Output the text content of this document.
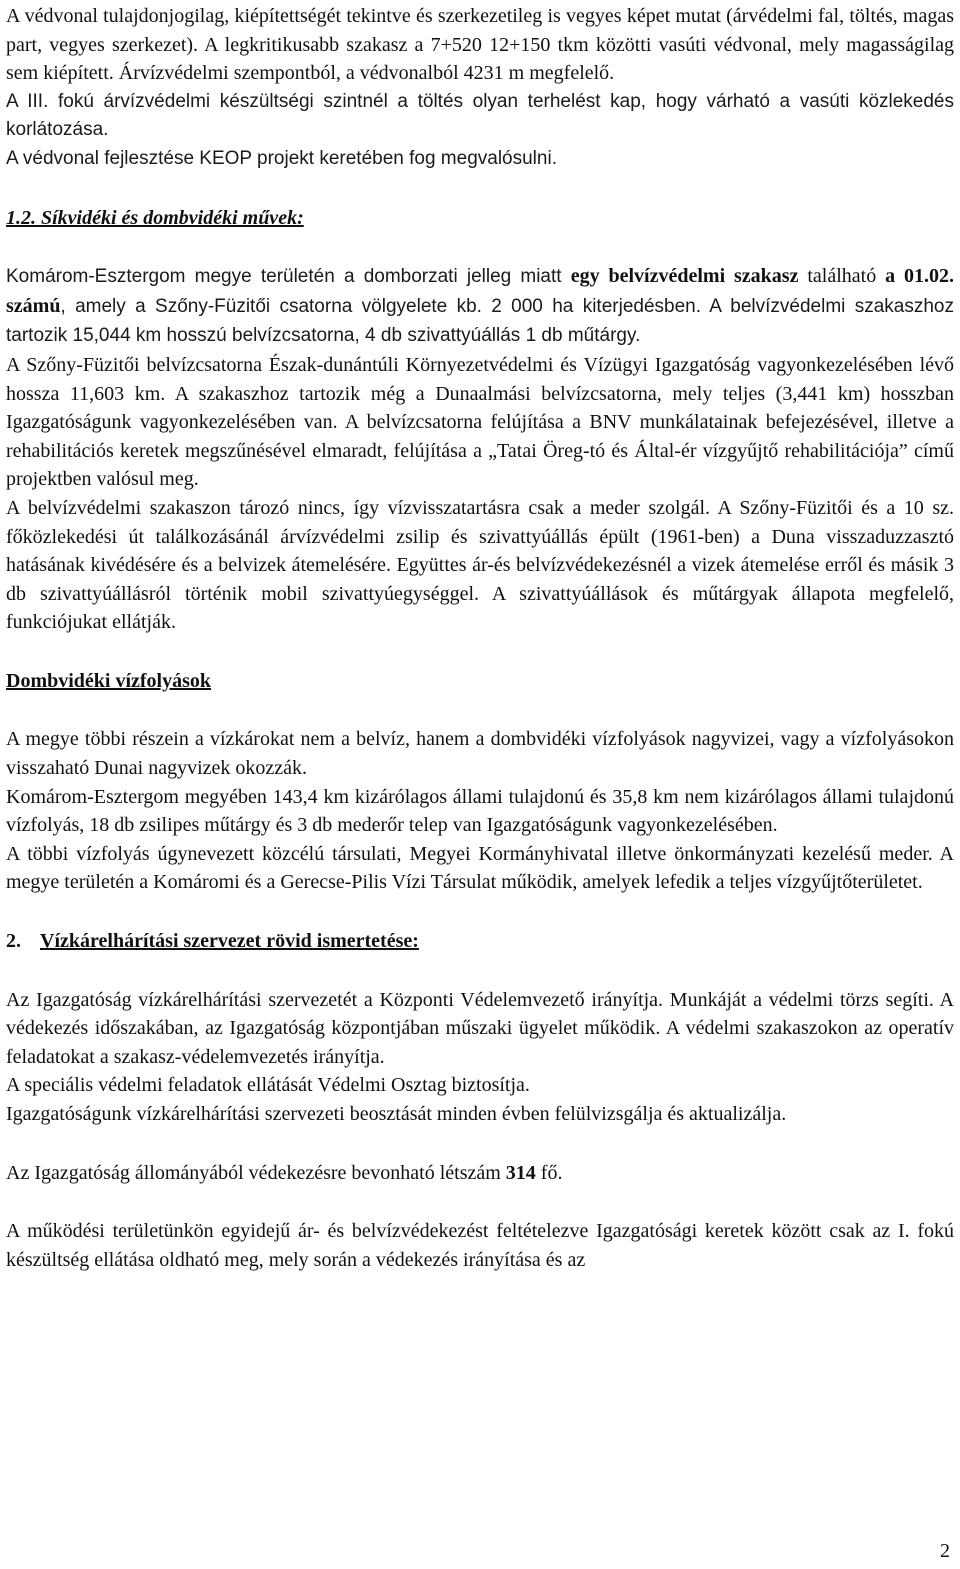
A védvonal tulajdonjogilag, kiépítettségét tekintve és szerkezetileg is vegyes képet mutat (árvédelmi fal, töltés, magas part, vegyes szerkezet). A legkritikusabb szakasz a 7+520 12+150 tkm közötti vasúti védvonal, mely magasságilag sem kiépített. Árvízvédelmi szempontból, a védvonalból 4231 m megfelelő.

A III. fokú árvízvédelmi készültségi szintnél a töltés olyan terhelést kap, hogy várható a vasúti közlekedés korlátozása.

A védvonal fejlesztése KEOP projekt keretében fog megvalósulni.

1.2. Síkvidéki és dombvidéki művek:

Komárom-Esztergom megye területén a domborzati jelleg miatt egy belvízvédelmi szakasz található a 01.02. számú, amely a Szőny-Füzitői csatorna völgyelete kb. 2 000 ha kiterjedésben. A belvízvédelmi szakaszhoz tartozik 15,044 km hosszú belvízcsatorna, 4 db szivattyúállás 1 db műtárgy.

A Szőny-Füzitői belvízcsatorna Észak-dunántúli Környezetvédelmi és Vízügyi Igazgatóság vagyonkezelésében lévő hossza 11,603 km. A szakaszhoz tartozik még a Dunaalmási belvízcsatorna, mely teljes (3,441 km) hosszban Igazgatóságunk vagyonkezelésében van. A belvízcsatorna felújítása a BNV munkálatainak befejezésével, illetve a rehabilitációs keretek megszűnésével elmaradt, felújítása a „Tatai Öreg-tó és Által-ér vízgyűjtő rehabilitációja” című projektben valósul meg.

A belvízvédelmi szakaszon tározó nincs, így vízvisszatartásra csak a meder szolgál. A Szőny-Füzitői és a 10 sz. főközlekedési út találkozásánál árvízvédelmi zsilip és szivattyúállás épült (1961-ben) a Duna visszaduzzasztó hatásának kivédésére és a belvizek átemelésére. Együttes ár-és belvízvédekezésnél a vizek átemelése erről és másik 3 db szivattyúállásról történik mobil szivattyúegységgel. A szivattyúállások és műtárgyak állapota megfelelő, funkciójukat ellátják.

Dombvidéki vízfolyások

A megye többi részein a vízkárokat nem a belvíz, hanem a dombvidéki vízfolyások nagyvizei, vagy a vízfolyásokon visszaható Dunai nagyvizek okozzák.

Komárom-Esztergom megyében 143,4 km kizárólagos állami tulajdonú és 35,8 km nem kizárólagos állami tulajdonú vízfolyás, 18 db zsilipes műtárgy és 3 db mederőr telep van Igazgatóságunk vagyonkezelésében.

A többi vízfolyás úgynevezett közcélú társulati, Megyei Kormányhivatal illetve önkormányzati kezelésű meder. A megye területén a Komáromi és a Gerecse-Pilis Vízi Társulat működik, amelyek lefedik a teljes vízgyűjtőterületet.

2. Vízkárelhárítási szervezet rövid ismertetése:

Az Igazgatóság vízkárelhárítási szervezetét a Központi Védelemvezető irányítja. Munkáját a védelmi törzs segíti. A védekezés időszakában, az Igazgatóság központjában műszaki ügyelet működik. A védelmi szakaszokon az operatív feladatokat a szakasz-védelemvezetés irányítja.

A speciális védelmi feladatok ellátását Védelmi Osztag biztosítja.

Igazgatóságunk vízkárelhárítási szervezeti beosztását minden évben felülvizsgálja és aktualizálja.

Az Igazgatóság állományából védekezésre bevonható létszám 314 fő.

A működési területünkön egyidejű ár- és belvízvédekezést feltételezve Igazgatósági keretek között csak az I. fokú készültség ellátása oldható meg, mely során a védekezés irányítása és az

2
